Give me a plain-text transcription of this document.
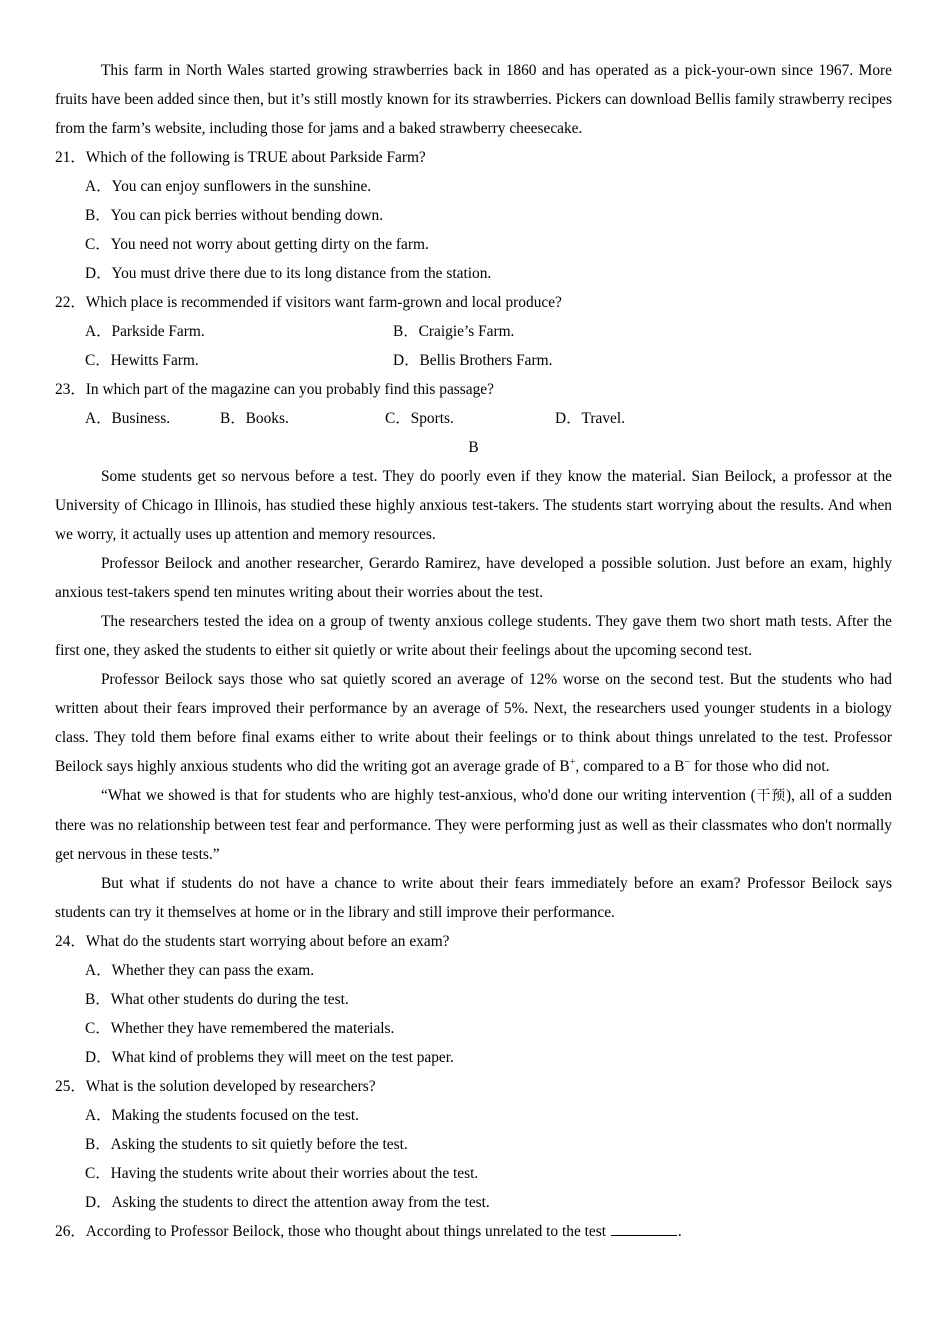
This farm in North Wales started growing strawberries back in 1860 and has operated as a pick-your-own since 1967. More fruits have been added since then, but it’s still mostly known for its strawberries. Pickers can download Bellis family strawberry recipes from the farm’s website, including those for jams and a baked strawberry cheesecake.

21． Which of the following is TRUE about Parkside Farm?
A． You can enjoy sunflowers in the sunshine.
B． You can pick berries without bending down.
C． You need not worry about getting dirty on the farm.
D． You must drive there due to its long distance from the station.
22． Which place is recommended if visitors want farm-grown and local produce?
A． Parkside Farm.	B． Craigie’s Farm.
C． Hewitts Farm.	D． Bellis Brothers Farm.
23． In which part of the magazine can you probably find this passage?
A． Business.	B． Books.	C． Sports.	D． Travel.

B

Some students get so nervous before a test. They do poorly even if they know the material. Sian Beilock, a professor at the University of Chicago in Illinois, has studied these highly anxious test-takers. The students start worrying about the results. And when we worry, it actually uses up attention and memory resources.

Professor Beilock and another researcher, Gerardo Ramirez, have developed a possible solution. Just before an exam, highly anxious test-takers spend ten minutes writing about their worries about the test.

The researchers tested the idea on a group of twenty anxious college students. They gave them two short math tests. After the first one, they asked the students to either sit quietly or write about their feelings about the upcoming second test.

Professor Beilock says those who sat quietly scored an average of 12% worse on the second test. But the students who had written about their fears improved their performance by an average of 5%. Next, the researchers used younger students in a biology class. They told them before final exams either to write about their feelings or to think about things unrelated to the test. Professor Beilock says highly anxious students who did the writing got an average grade of B+, compared to a B− for those who did not.

“What we showed is that for students who are highly test-anxious, who'd done our writing intervention (干预), all of a sudden there was no relationship between test fear and performance. They were performing just as well as their classmates who don't normally get nervous in these tests.”

But what if students do not have a chance to write about their fears immediately before an exam? Professor Beilock says students can try it themselves at home or in the library and still improve their performance.

24． What do the students start worrying about before an exam?
A． Whether they can pass the exam.
B． What other students do during the test.
C． Whether they have remembered the materials.
D． What kind of problems they will meet on the test paper.
25． What is the solution developed by researchers?
A． Making the students focused on the test.
B． Asking the students to sit quietly before the test.
C． Having the students write about their worries about the test.
D． Asking the students to direct the attention away from the test.
26． According to Professor Beilock, those who thought about things unrelated to the test	.
